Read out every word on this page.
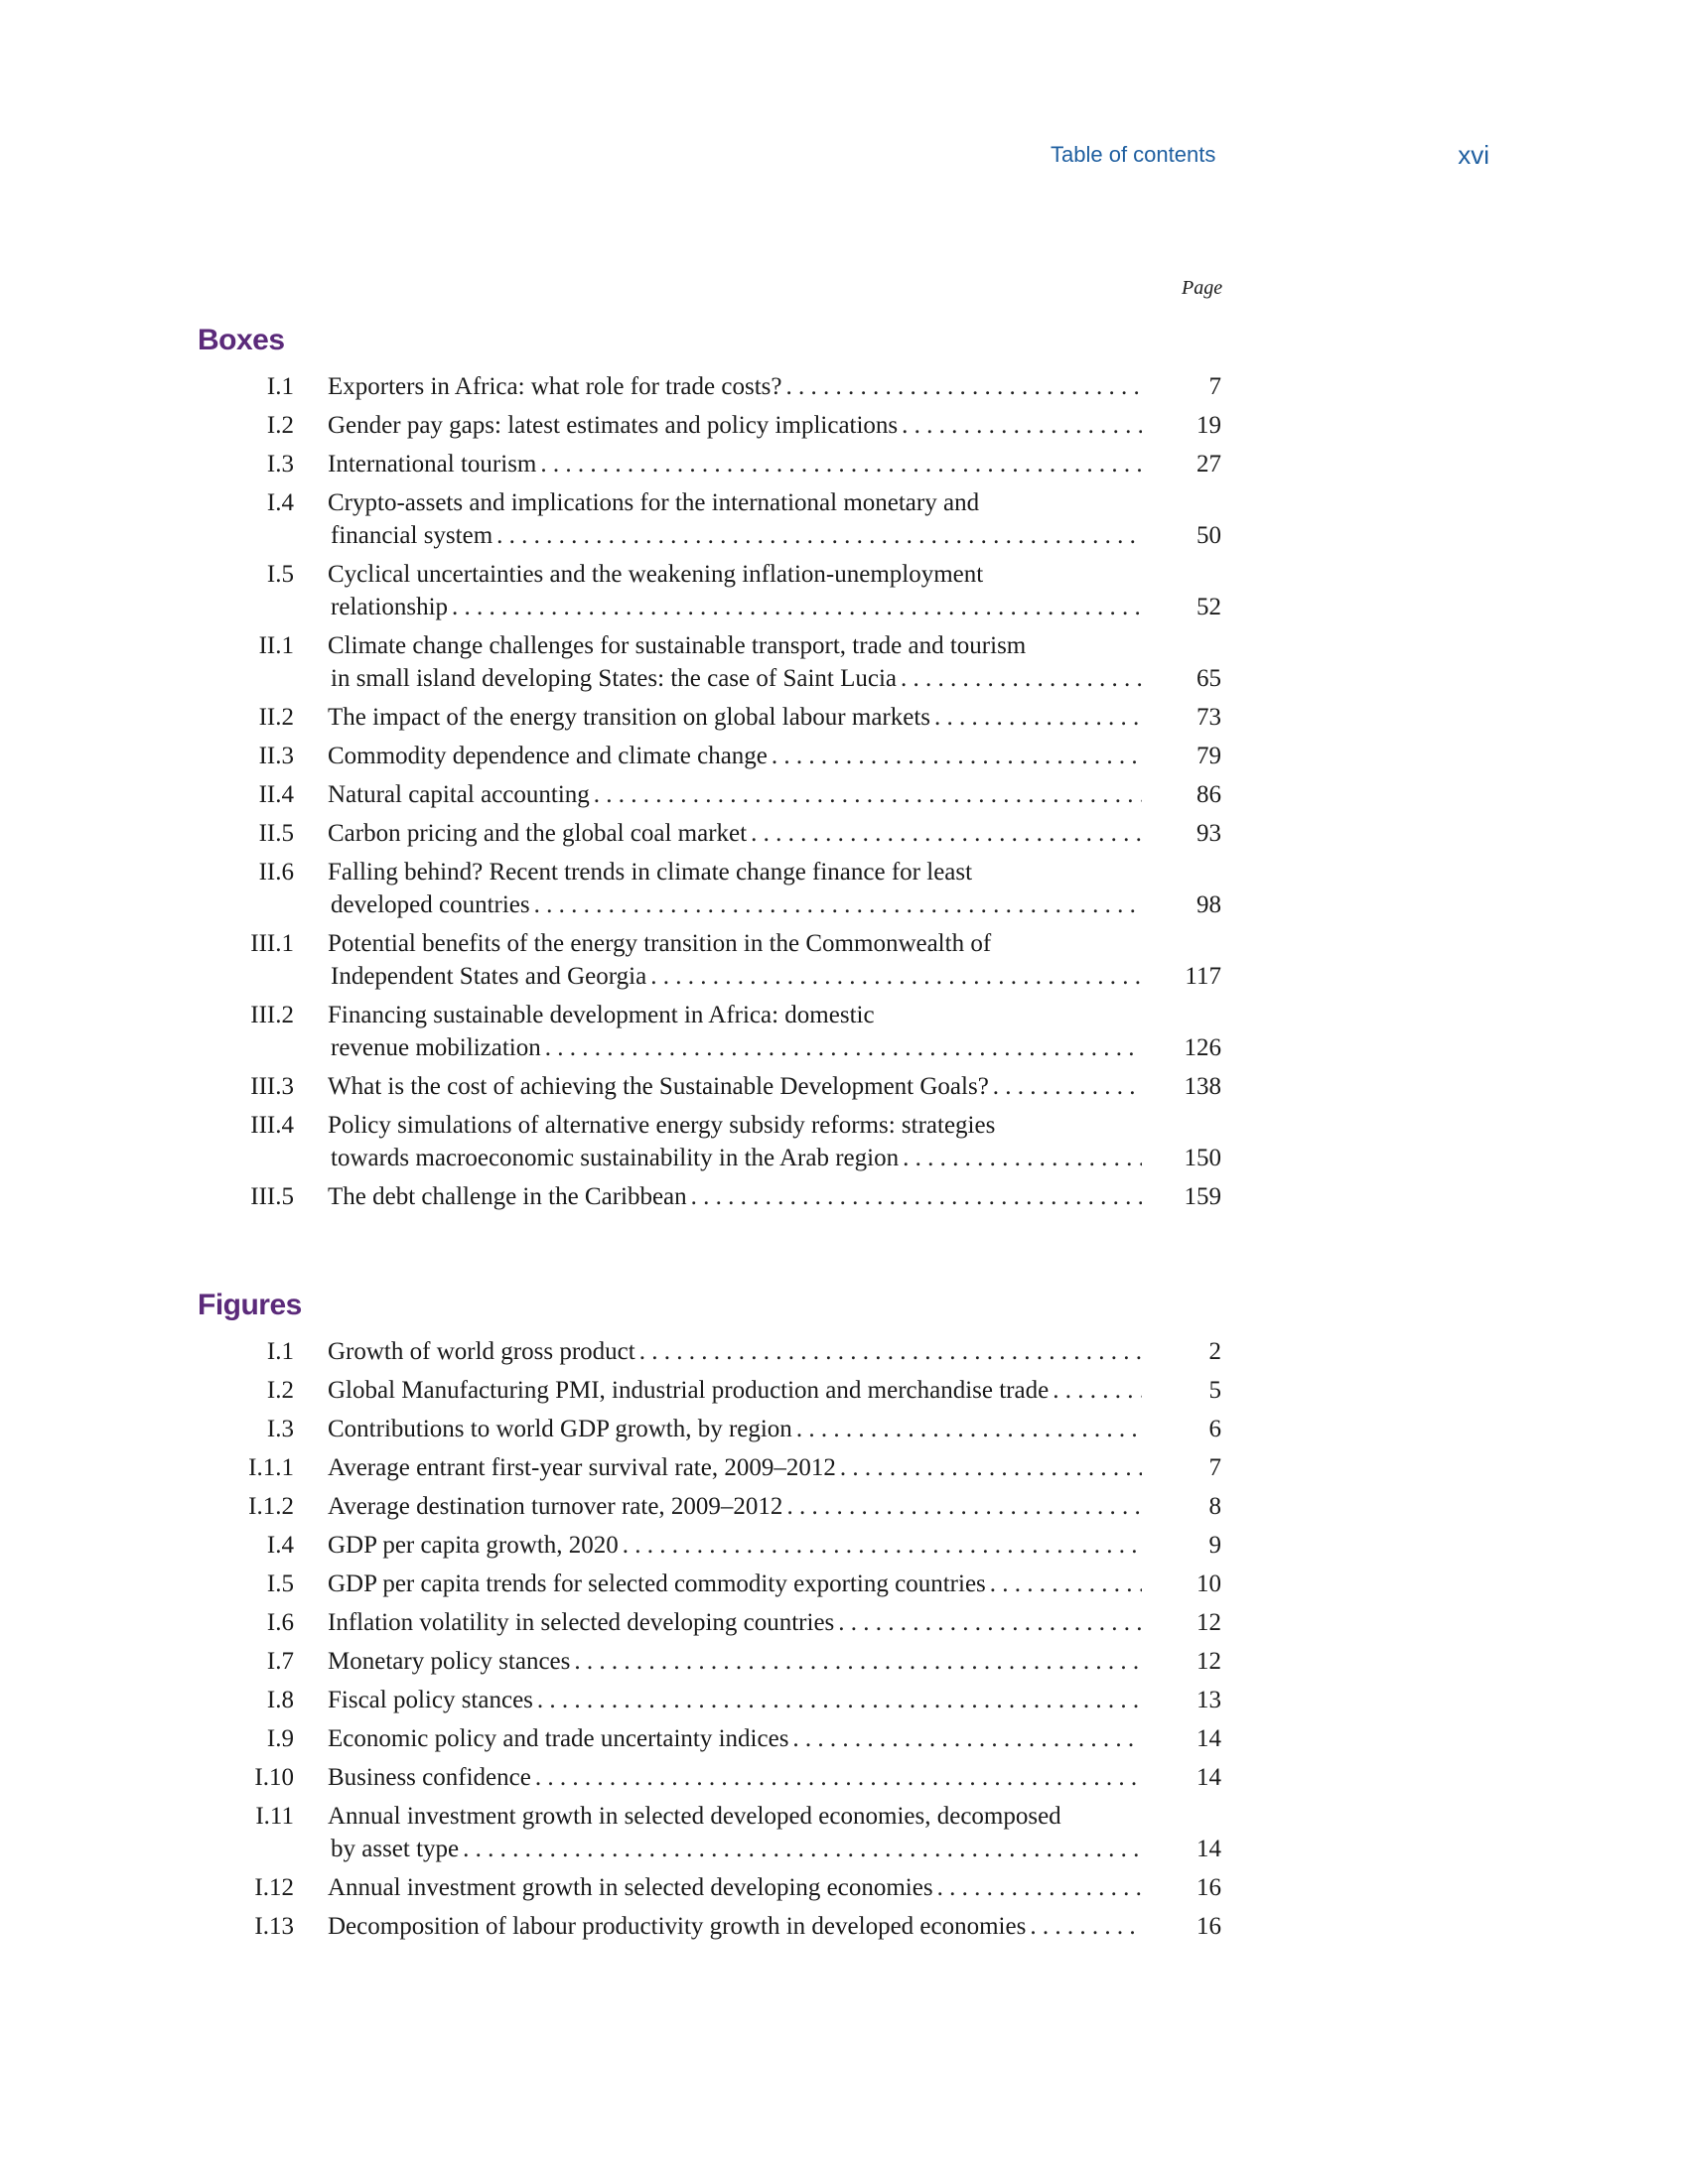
Table of contents	xvi
Page
Boxes
I.1 Exporters in Africa: what role for trade costs? . . .	7
I.2 Gender pay gaps: latest estimates and policy implications . . .	19
I.3 International tourism . . .	27
I.4 Crypto-assets and implications for the international monetary and
financial system . . .	50
I.5 Cyclical uncertainties and the weakening inflation-unemployment
relationship . . .	52
II.1 Climate change challenges for sustainable transport, trade and tourism
in small island developing States: the case of Saint Lucia . . .	65
II.2 The impact of the energy transition on global labour markets . . .	73
II.3 Commodity dependence and climate change . . .	79
II.4 Natural capital accounting . . .	86
II.5 Carbon pricing and the global coal market . . .	93
II.6 Falling behind? Recent trends in climate change finance for least
developed countries . . .	98
III.1 Potential benefits of the energy transition in the Commonwealth of
Independent States and Georgia . . .	117
III.2 Financing sustainable development in Africa: domestic
revenue mobilization . . .	126
III.3 What is the cost of achieving the Sustainable Development Goals? . . .	138
III.4 Policy simulations of alternative energy subsidy reforms: strategies
towards macroeconomic sustainability in the Arab region . . .	150
III.5 The debt challenge in the Caribbean . . .	159
Figures
I.1 Growth of world gross product . . .	2
I.2 Global Manufacturing PMI, industrial production and merchandise trade . . .	5
I.3 Contributions to world GDP growth, by region . . .	6
I.1.1 Average entrant first-year survival rate, 2009–2012 . . .	7
I.1.2 Average destination turnover rate, 2009–2012 . . .	8
I.4 GDP per capita growth, 2020 . . .	9
I.5 GDP per capita trends for selected commodity exporting countries . . .	10
I.6 Inflation volatility in selected developing countries . . .	12
I.7 Monetary policy stances . . .	12
I.8 Fiscal policy stances . . .	13
I.9 Economic policy and trade uncertainty indices . . .	14
I.10 Business confidence . . .	14
I.11 Annual investment growth in selected developed economies, decomposed
by asset type . . .	14
I.12 Annual investment growth in selected developing economies . . .	16
I.13 Decomposition of labour productivity growth in developed economies . . .	16
